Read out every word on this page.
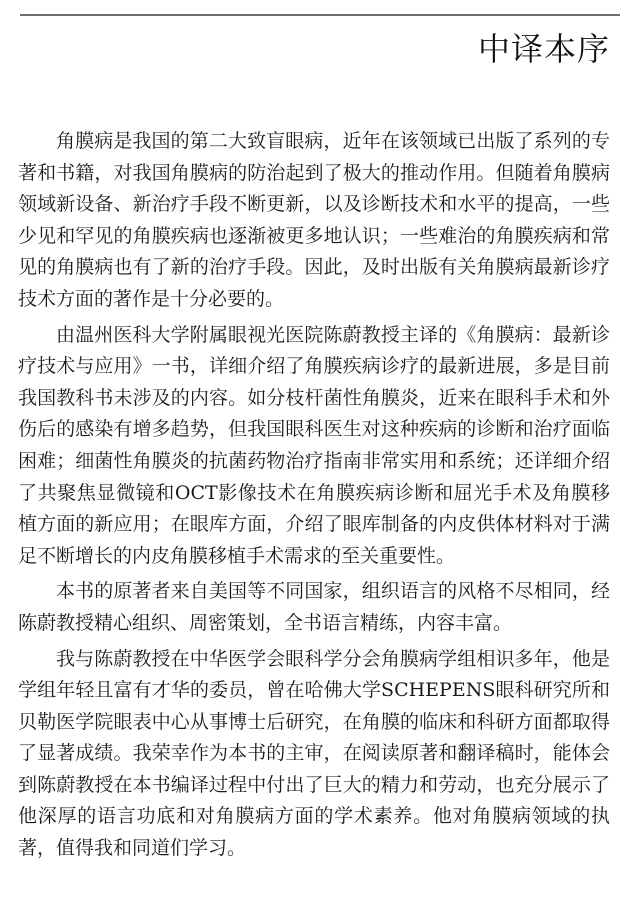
中译本序

角膜病是我国的第二大致盲眼病，近年在该领域已出版了系列的专著和书籍，对我国角膜病的防治起到了极大的推动作用。但随着角膜病领域新设备、新治疗手段不断更新，以及诊断技术和水平的提高，一些少见和罕见的角膜疾病也逐渐被更多地认识；一些难治的角膜疾病和常见的角膜病也有了新的治疗手段。因此，及时出版有关角膜病最新诊疗技术方面的著作是十分必要的。

由温州医科大学附属眼视光医院陈蔚教授主译的《角膜病：最新诊疗技术与应用》一书，详细介绍了角膜疾病诊疗的最新进展，多是目前我国教科书未涉及的内容。如分枝杆菌性角膜炎，近来在眼科手术和外伤后的感染有增多趋势，但我国眼科医生对这种疾病的诊断和治疗面临困难；细菌性角膜炎的抗菌药物治疗指南非常实用和系统；还详细介绍了共聚焦显微镜和OCT影像技术在角膜疾病诊断和屈光手术及角膜移植方面的新应用；在眼库方面，介绍了眼库制备的内皮供体材料对于满足不断增长的内皮角膜移植手术需求的至关重要性。

本书的原著者来自美国等不同国家，组织语言的风格不尽相同，经陈蔚教授精心组织、周密策划，全书语言精练，内容丰富。

我与陈蔚教授在中华医学会眼科学分会角膜病学组相识多年，他是学组年轻且富有才华的委员，曾在哈佛大学SCHEPENS眼科研究所和贝勒医学院眼表中心从事博士后研究，在角膜的临床和科研方面都取得了显著成绩。我荣幸作为本书的主审，在阅读原著和翻译稿时，能体会到陈蔚教授在本书编译过程中付出了巨大的精力和劳动，也充分展示了他深厚的语言功底和对角膜病方面的学术素养。他对角膜病领域的执著，值得我和同道们学习。
